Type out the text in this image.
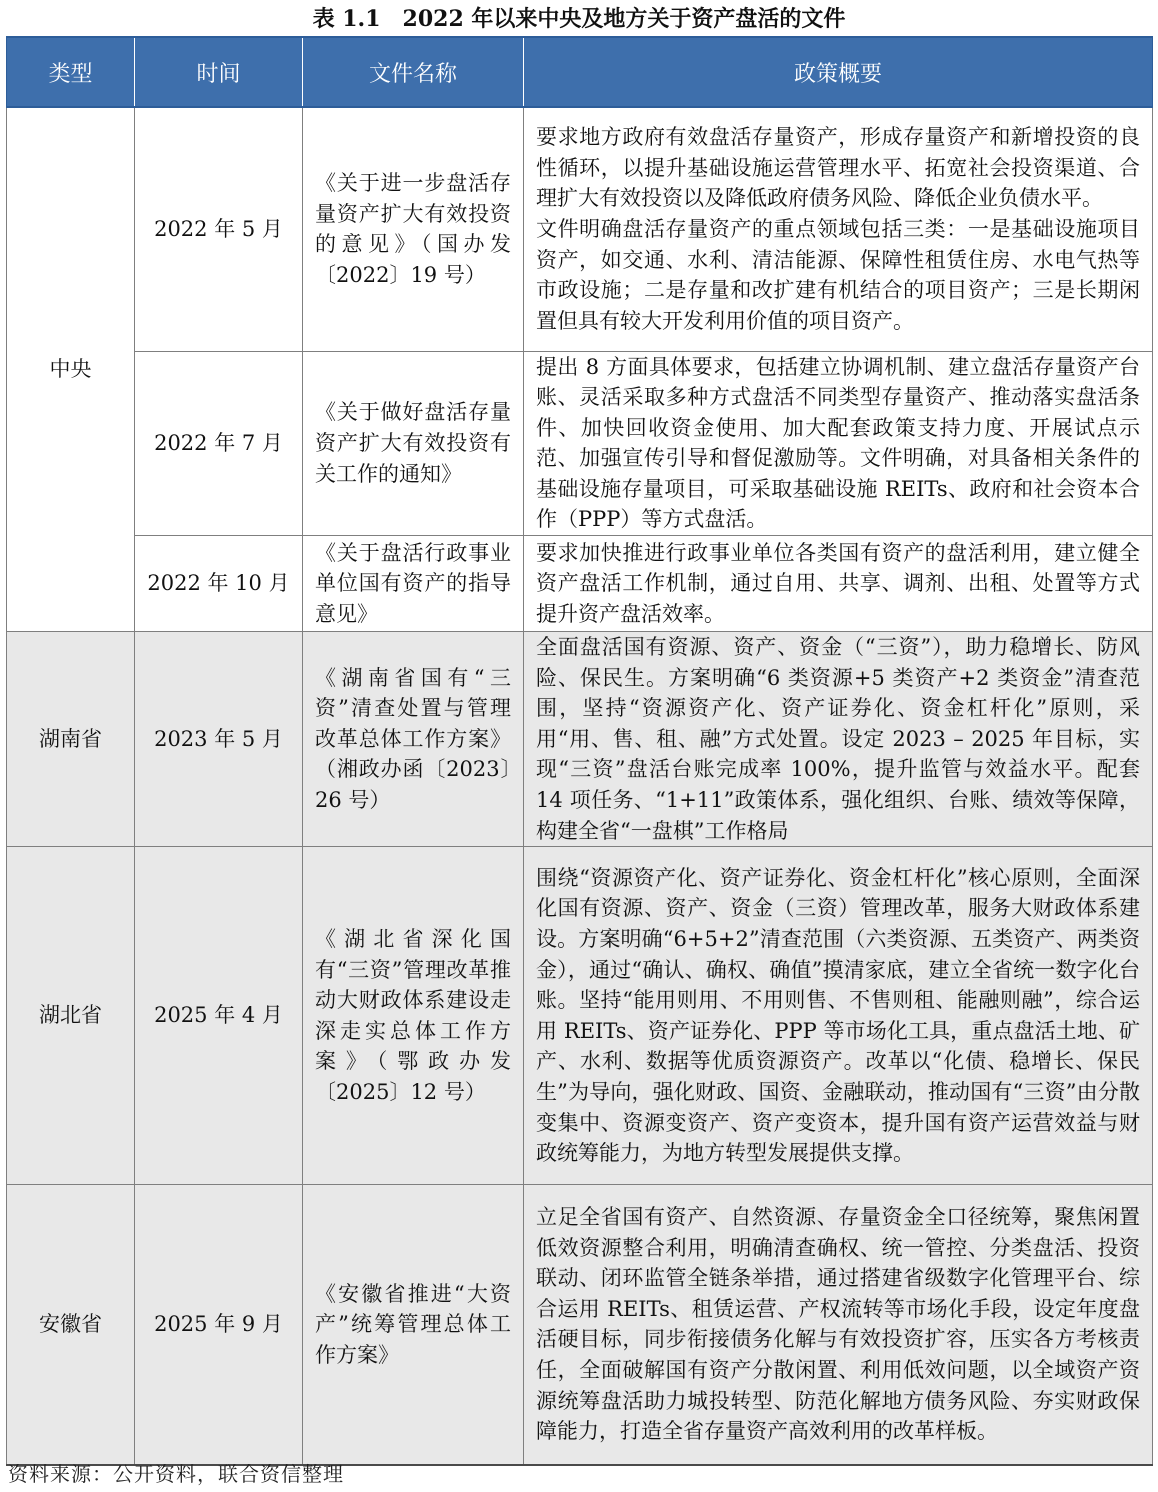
表 1.1 2022 年以来中央及地方关于资产盘活的文件
类型	时间	文件名称	政策概要
中央	2022 年 5 月	《关于进一步盘活存量资产扩大有效投资的意见》（国办发〔2022〕19 号）	要求地方政府有效盘活存量资产，形成存量资产和新增投资的良性循环，以提升基础设施运营管理水平、拓宽社会投资渠道、合理扩大有效投资以及降低政府债务风险、降低企业负债水平。
文件明确盘活存量资产的重点领域包括三类：一是基础设施项目资产，如交通、水利、清洁能源、保障性租赁住房、水电气热等市政设施；二是存量和改扩建有机结合的项目资产；三是长期闲置但具有较大开发利用价值的项目资产。

	2022 年 7 月	《关于做好盘活存量资产扩大有效投资有关工作的通知》	提出 8 方面具体要求，包括建立协调机制、建立盘活存量资产台账、灵活采取多种方式盘活不同类型存量资产、推动落实盘活条件、加快回收资金使用、加大配套政策支持力度、开展试点示范、加强宣传引导和督促激励等。文件明确，对具备相关条件的基础设施存量项目，可采取基础设施 REITs、政府和社会资本合作（PPP）等方式盘活。
	2022 年 10 月	《关于盘活行政事业单位国有资产的指导意见》	要求加快推进行政事业单位各类国有资产的盘活利用，建立健全资产盘活工作机制，通过自用、共享、调剂、出租、处置等方式提升资产盘活效率。
湖南省	2023 年 5 月	《湖南省国有“三资”清查处置与管理改革总体工作方案》（湘政办函〔2023〕26 号）	全面盘活国有资源、资产、资金（“三资”），助力稳增长、防风险、保民生。方案明确“6 类资源+5 类资产+2 类资金”清查范围，坚持“资源资产化、资产证券化、资金杠杆化”原则，采用“用、售、租、融”方式处置。设定 2023 – 2025 年目标，实现“三资”盘活台账完成率 100%，提升监管与效益水平。配套 14 项任务、“1+11”政策体系，强化组织、台账、绩效等保障，构建全省“一盘棋”工作格局
湖北省	2025 年 4 月	《湖北省深化国有“三资”管理改革推动大财政体系建设走深走实总体工作方案》（鄂政办发〔2025〕12 号）	围绕“资源资产化、资产证券化、资金杠杆化”核心原则，全面深化国有资源、资产、资金（三资）管理改革，服务大财政体系建设。方案明确“6+5+2”清查范围（六类资源、五类资产、两类资金），通过“确认、确权、确值”摸清家底，建立全省统一数字化台账。坚持“能用则用、不用则售、不售则租、能融则融”，综合运用 REITs、资产证券化、PPP 等市场化工具，重点盘活土地、矿产、水利、数据等优质资源资产。改革以“化债、稳增长、保民生”为导向，强化财政、国资、金融联动，推动国有“三资”由分散变集中、资源变资产、资产变资本，提升国有资产运营效益与财政统筹能力，为地方转型发展提供支撑。
安徽省	2025 年 9 月	《安徽省推进“大资产”统筹管理总体工作方案》	立足全省国有资产、自然资源、存量资金全口径统筹，聚焦闲置低效资源整合利用，明确清查确权、统一管控、分类盘活、投资联动、闭环监管全链条举措，通过搭建省级数字化管理平台、综合运用 REITs、租赁运营、产权流转等市场化手段，设定年度盘活硬目标，同步衔接债务化解与有效投资扩容，压实各方考核责任，全面破解国有资产分散闲置、利用低效问题，以全域资产资源统筹盘活助力城投转型、防范化解地方债务风险、夯实财政保障能力，打造全省存量资产高效利用的改革样板。
资料来源：公开资料，联合资信整理
